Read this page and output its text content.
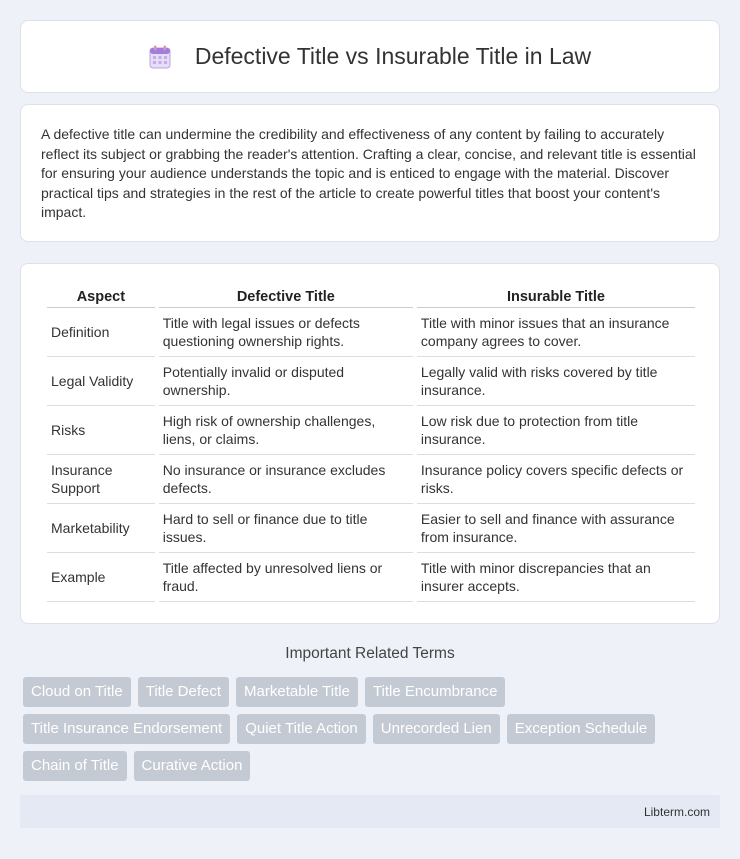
Defective Title vs Insurable Title in Law

A defective title can undermine the credibility and effectiveness of any content by failing to accurately reflect its subject or grabbing the reader's attention. Crafting a clear, concise, and relevant title is essential for ensuring your audience understands the topic and is enticed to engage with the material. Discover practical tips and strategies in the rest of the article to create powerful titles that boost your content's impact.

Aspect	Defective Title	Insurable Title
Definition	Title with legal issues or defects questioning ownership rights.	Title with minor issues that an insurance company agrees to cover.
Legal Validity	Potentially invalid or disputed ownership.	Legally valid with risks covered by title insurance.
Risks	High risk of ownership challenges, liens, or claims.	Low risk due to protection from title insurance.
Insurance Support	No insurance or insurance excludes defects.	Insurance policy covers specific defects or risks.
Marketability	Hard to sell or finance due to title issues.	Easier to sell and finance with assurance from insurance.
Example	Title affected by unresolved liens or fraud.	Title with minor discrepancies that an insurer accepts.
Important Related Terms
Cloud on Title Title Defect Marketable Title Title Encumbrance
Title Insurance Endorsement Quiet Title Action Unrecorded Lien Exception Schedule
Chain of Title Curative Action
Libterm.com
